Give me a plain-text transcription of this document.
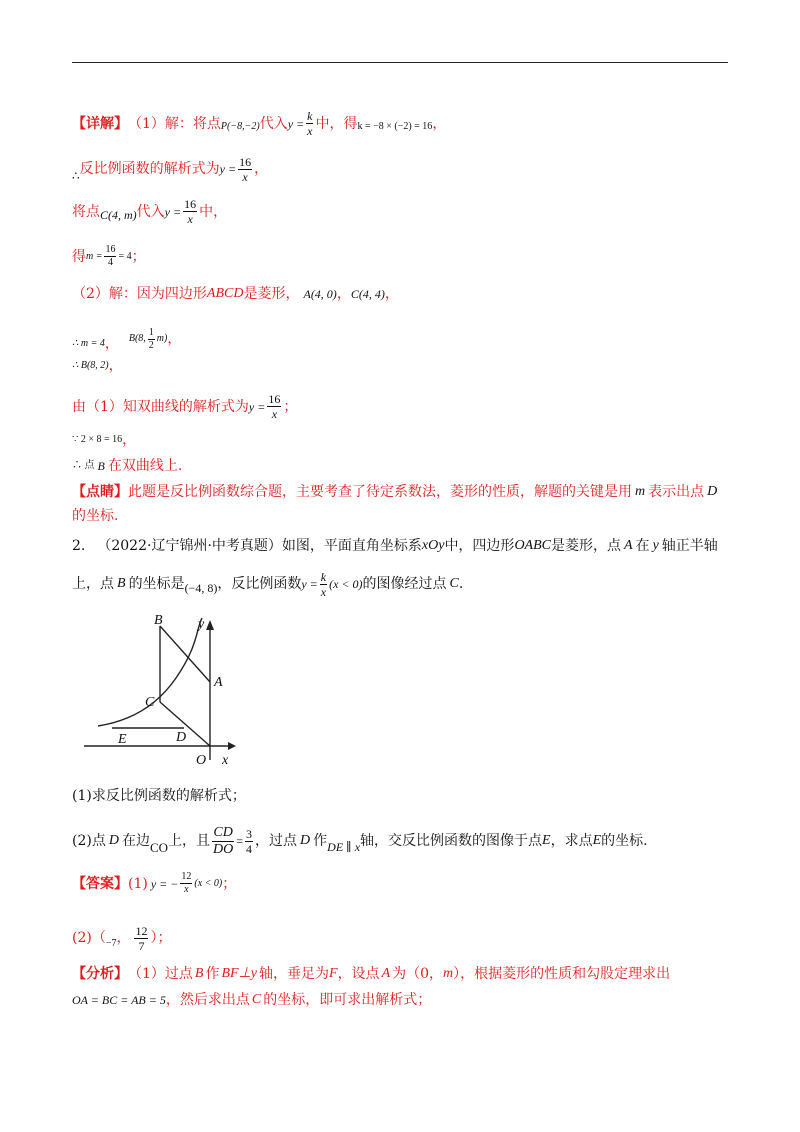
【详解】 （1）解：将点 P(−8,−2) 代入 $y = \frac{k}{x}$ 中，得 k = −8 × (−2) = 16 ，
∴ 反比例函数的解析式为 $y = \frac{16}{x}$ ，
将点 C(4, m) 代入 $y = \frac{16}{x}$ 中，
得 $m = \frac{16}{4} = 4$ ；
（2）解：因为四边形 ABCD 是菱形， A(4, 0) ， C(4, 4) ，
∴ m = 4 ， B(8, $\frac{1}{2} m$) ，
∴ B(8, 2) ，
由（1）知双曲线的解析式为 $y = \frac{16}{x}$ ；
∵ 2 × 8 = 16 ，
∴ 点 B 在双曲线上.
【点睛】 此题是反比例函数综合题，主要考查了待定系数法，菱形的性质，解题的关键是用 m 表示出点 D
的坐标.
2. （2022·辽宁锦州·中考真题）如图，平面直角坐标系 xOy 中，四边形 OABC 是菱形，点 A 在 y 轴正半轴
上，点 B 的坐标是 (−4, 8) ，反比例函数 $y = \frac{k}{x} (x < 0)$ 的图像经过点 C .
B	y
A
C
E	D
O x
(1)求反比例函数的解析式；
(2)点 D 在边 CO 上，且 $\frac{CD}{DO} = \frac{3}{4}$ ，过点 D 作 DE ∥ x 轴，交反比例函数的图像于点 E ，求点 E 的坐标.
【答案】 (1) y = − $\frac{12}{x} (x < 0)$ ；
(2)（ −7 ， $\frac{12}{7}$ ）；
【分析】 （1）过点 B 作 BF⊥y 轴，垂足为 F ，设点 A 为（0， m ），根据菱形的性质和勾股定理求出
OA = BC = AB = 5 ，然后求出点 C 的坐标，即可求出解析式；
